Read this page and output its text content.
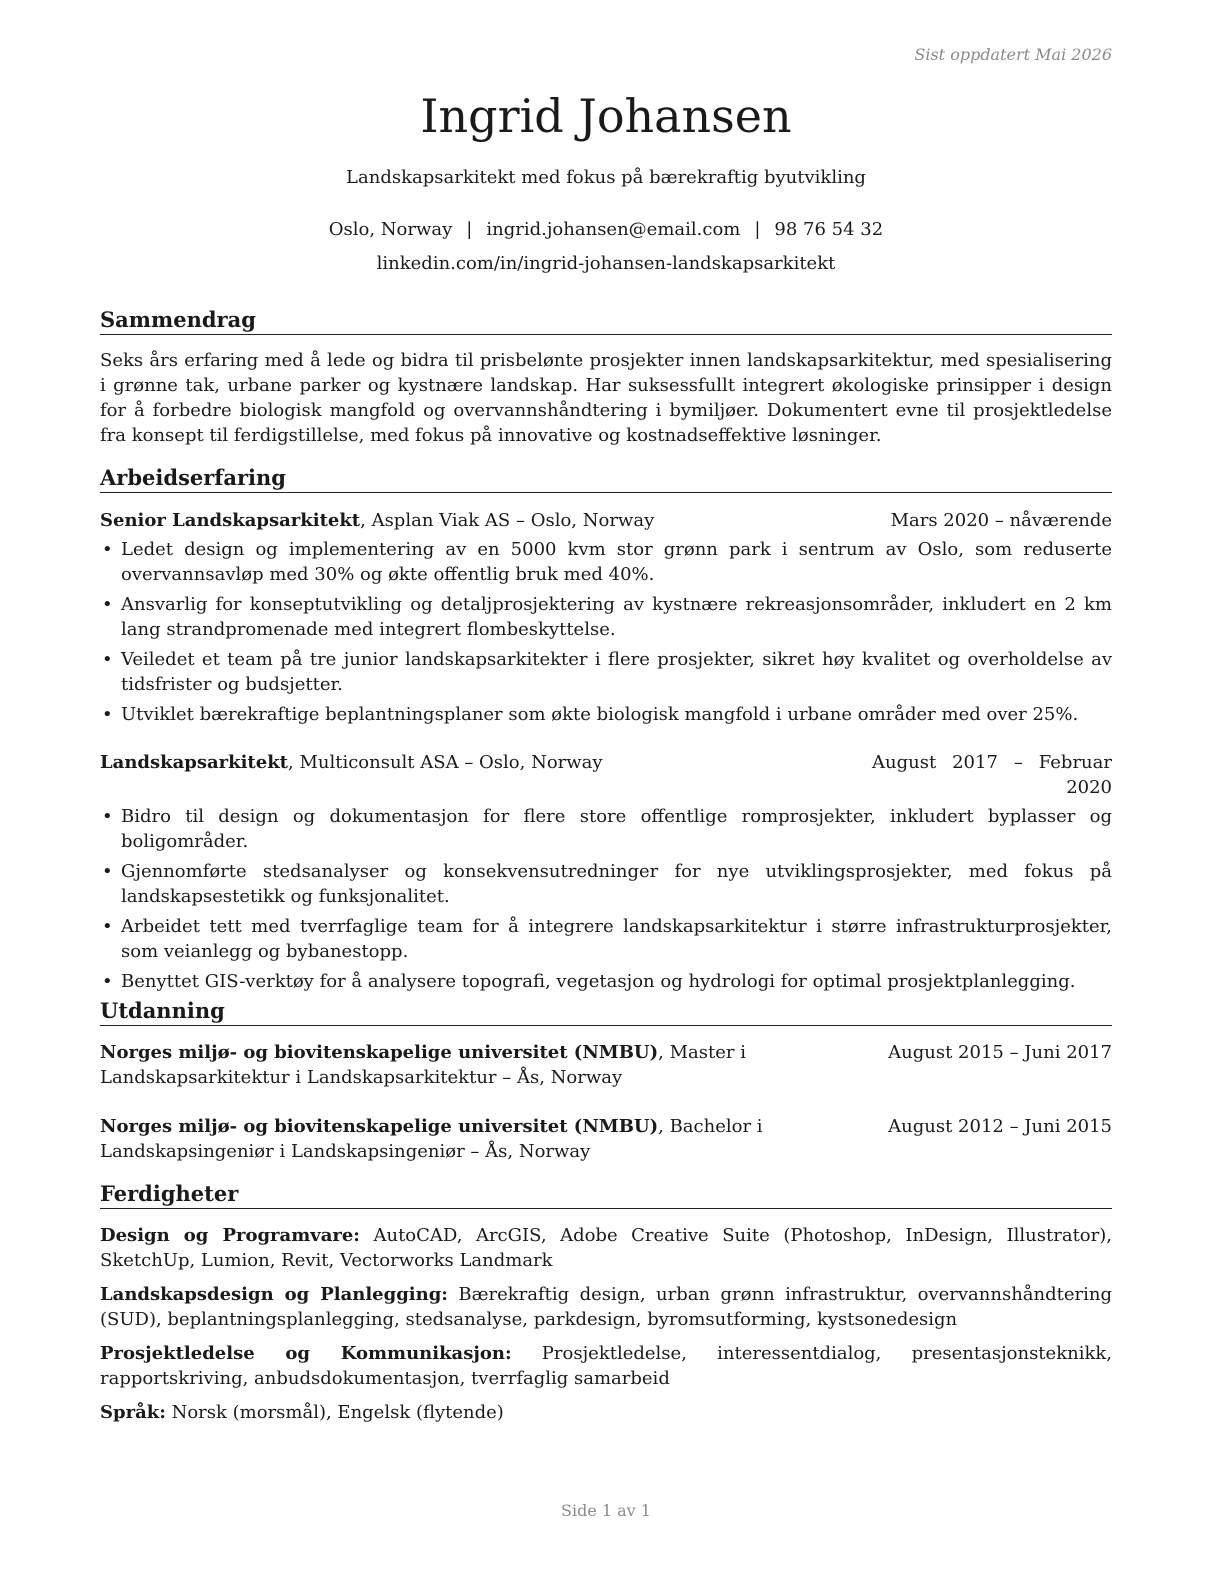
Sist oppdatert Mai 2026
Ingrid Johansen
Landskapsarkitekt med fokus på bærekraftig byutvikling
Oslo, Norway | ingrid.johansen@email.com | 98 76 54 32
linkedin.com/in/ingrid-johansen-landskapsarkitekt
Sammendrag
Seks års erfaring med å lede og bidra til prisbelønte prosjekter innen landskapsarkitektur, med spesialisering i grønne tak, urbane parker og kystnære landskap. Har suksessfullt integrert økologiske prinsipper i design for å forbedre biologisk mangfold og overvannshåndtering i bymiljøer. Dokumentert evne til prosjektledelse fra konsept til ferdigstillelse, med fokus på innovative og kostnadseffektive løsninger.
Arbeidserfaring
Senior Landskapsarkitekt, Asplan Viak AS – Oslo, Norway	Mars 2020 – nåværende
• Ledet design og implementering av en 5000 kvm stor grønn park i sentrum av Oslo, som reduserte overvannsavløp med 30% og økte offentlig bruk med 40%.
• Ansvarlig for konseptutvikling og detaljprosjektering av kystnære rekreasjonsområder, inkludert en 2 km lang strandpromenade med integrert flombeskyttelse.
• Veiledet et team på tre junior landskapsarkitekter i flere prosjekter, sikret høy kvalitet og overholdelse av tidsfrister og budsjetter.
• Utviklet bærekraftige beplantningsplaner som økte biologisk mangfold i urbane områder med over 25%.
Landskapsarkitekt, Multiconsult ASA – Oslo, Norway	August 2017 – Februar 2020
• Bidro til design og dokumentasjon for flere store offentlige romprosjekter, inkludert byplasser og boligområder.
• Gjennomførte stedsanalyser og konsekvensutredninger for nye utviklingsprosjekter, med fokus på landskapsestetikk og funksjonalitet.
• Arbeidet tett med tverrfaglige team for å integrere landskapsarkitektur i større infrastrukturprosjekter, som veianlegg og bybanestopp.
• Benyttet GIS-verktøy for å analysere topografi, vegetasjon og hydrologi for optimal prosjektplanlegging.
Utdanning
Norges miljø- og biovitenskapelige universitet (NMBU), Master i Landskapsarkitektur i Landskapsarkitektur – Ås, Norway
August 2015 – Juni 2017
Norges miljø- og biovitenskapelige universitet (NMBU), Bachelor i Landskapsingeniør i Landskapsingeniør – Ås, Norway
August 2012 – Juni 2015
Ferdigheter
Design og Programvare: AutoCAD, ArcGIS, Adobe Creative Suite (Photoshop, InDesign, Illustrator), SketchUp, Lumion, Revit, Vectorworks Landmark
Landskapsdesign og Planlegging: Bærekraftig design, urban grønn infrastruktur, overvannshåndtering (SUD), beplantningsplanlegging, stedsanalyse, parkdesign, byromsutforming, kystsonedesign
Prosjektledelse og Kommunikasjon: Prosjektledelse, interessentdialog, presentasjonsteknikk, rapportskriving, anbudsdokumentasjon, tverrfaglig samarbeid
Språk: Norsk (morsmål), Engelsk (flytende)
Side 1 av 1
